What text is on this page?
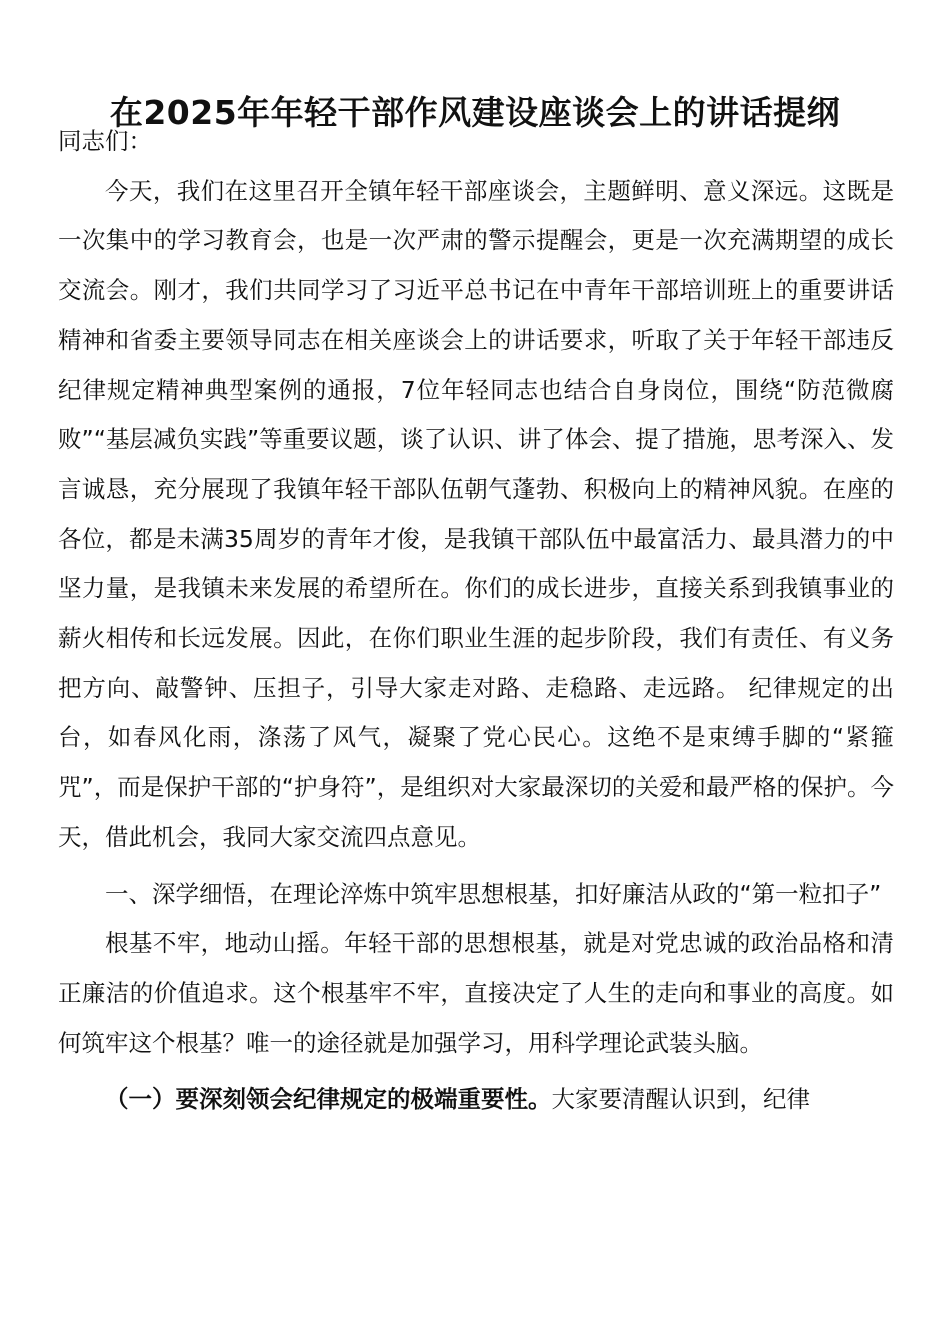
在2025年年轻干部作风建设座谈会上的讲话提纲

同志们：

今天，我们在这里召开全镇年轻干部座谈会，主题鲜明、意义深远。这既是一次集中的学习教育会，也是一次严肃的警示提醒会，更是一次充满期望的成长交流会。刚才，我们共同学习了习近平总书记在中青年干部培训班上的重要讲话精神和省委主要领导同志在相关座谈会上的讲话要求，听取了关于年轻干部违反纪律规定精神典型案例的通报，7位年轻同志也结合自身岗位，围绕“防范微腐败”“基层减负实践”等重要议题，谈了认识、讲了体会、提了措施，思考深入、发言诚恳，充分展现了我镇年轻干部队伍朝气蓬勃、积极向上的精神风貌。在座的各位，都是未满35周岁的青年才俊，是我镇干部队伍中最富活力、最具潜力的中坚力量，是我镇未来发展的希望所在。你们的成长进步，直接关系到我镇事业的薪火相传和长远发展。因此，在你们职业生涯的起步阶段，我们有责任、有义务把方向、敲警钟、压担子，引导大家走对路、走稳路、走远路。 纪律规定的出台，如春风化雨，涤荡了风气，凝聚了党心民心。这绝不是束缚手脚的“紧箍咒”，而是保护干部的“护身符”，是组织对大家最深切的关爱和最严格的保护。今天，借此机会，我同大家交流四点意见。

一、深学细悟，在理论淬炼中筑牢思想根基，扣好廉洁从政的“第一粒扣子”

根基不牢，地动山摇。年轻干部的思想根基，就是对党忠诚的政治品格和清正廉洁的价值追求。这个根基牢不牢，直接决定了人生的走向和事业的高度。如何筑牢这个根基？唯一的途径就是加强学习，用科学理论武装头脑。

（一）要深刻领会纪律规定的极端重要性。大家要清醒认识到，纪律
